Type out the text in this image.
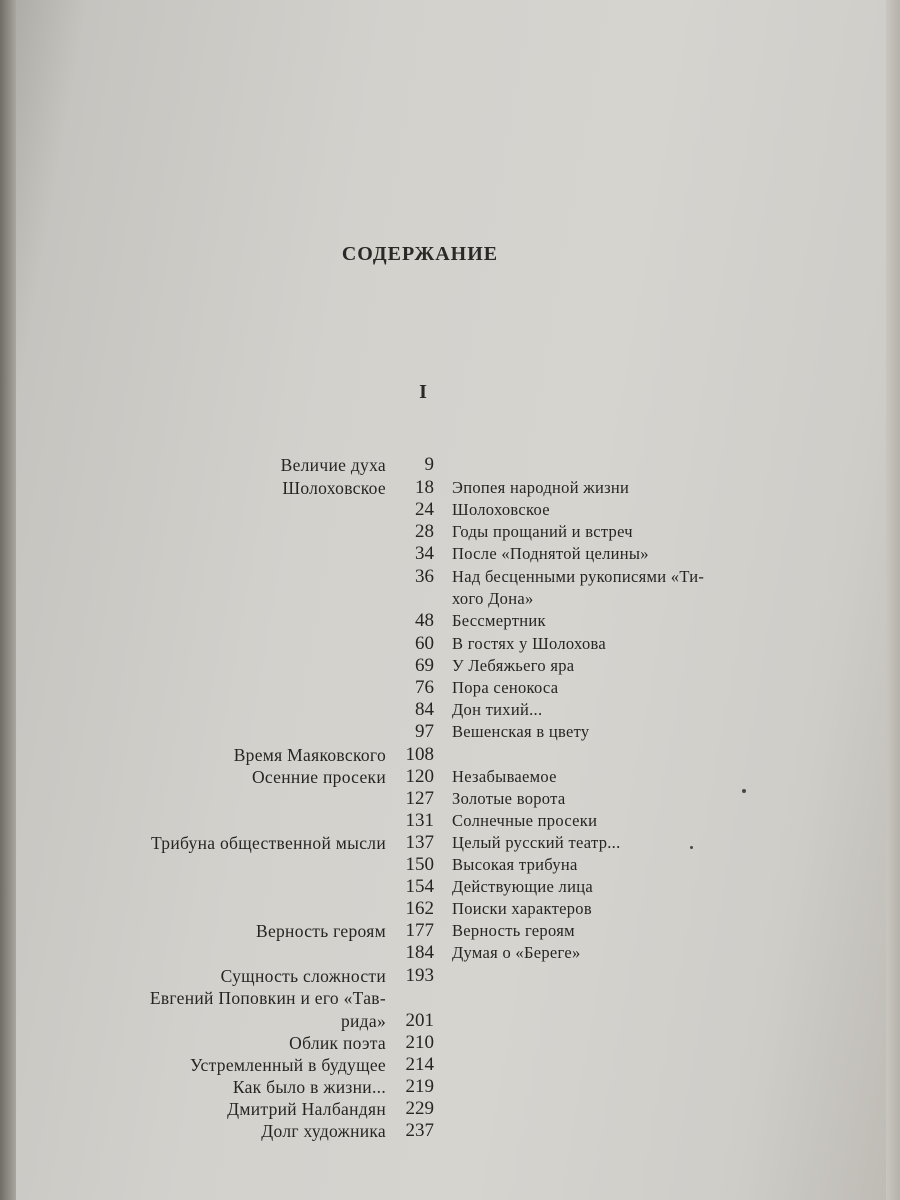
СОДЕРЖАНИЕ
I
Величие духа 9
Шолоховское 18 Эпопея народной жизни
24 Шолоховское
28 Годы прощаний и встреч
34 После «Поднятой целины»
36 Над бесценными рукописями «Ти-
хого Дона»
48 Бессмертник
60 В гостях у Шолохова
69 У Лебяжьего яра
76 Пора сенокоса
84 Дон тихий...
97 Вешенская в цвету
Время Маяковского 108
Осенние просеки 120 Незабываемое
127 Золотые ворота
131 Солнечные просеки
Трибуна общественной мысли 137 Целый русский театр...
150 Высокая трибуна
154 Действующие лица
162 Поиски характеров
Верность героям 177 Верность героям
184 Думая о «Береге»
Сущность сложности 193
Евгений Поповкин и его «Тав-
рида» 201
Облик поэта 210
Устремленный в будущее 214
Как было в жизни... 219
Дмитрий Налбандян 229
Долг художника 237
